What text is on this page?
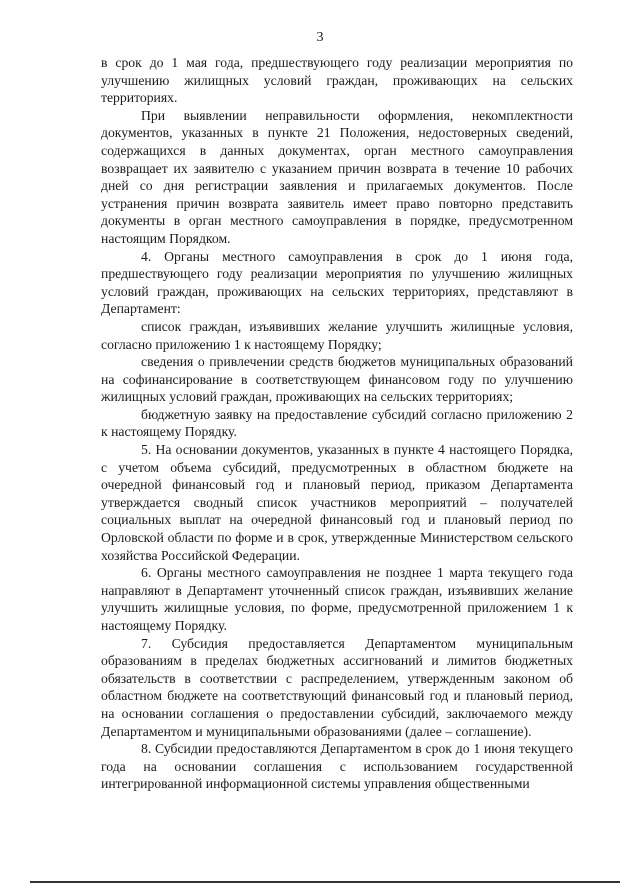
3

в срок до 1 мая года, предшествующего году реализации мероприятия по улучшению жилищных условий граждан, проживающих на сельских территориях.

При выявлении неправильности оформления, некомплектности документов, указанных в пункте 21 Положения, недостоверных сведений, содержащихся в данных документах, орган местного самоуправления возвращает их заявителю с указанием причин возврата в течение 10 рабочих дней со дня регистрации заявления и прилагаемых документов. После устранения причин возврата заявитель имеет право повторно представить документы в орган местного самоуправления в порядке, предусмотренном настоящим Порядком.

4. Органы местного самоуправления в срок до 1 июня года, предшествующего году реализации мероприятия по улучшению жилищных условий граждан, проживающих на сельских территориях, представляют в Департамент:

список граждан, изъявивших желание улучшить жилищные условия, согласно приложению 1 к настоящему Порядку;

сведения о привлечении средств бюджетов муниципальных образований на софинансирование в соответствующем финансовом году по улучшению жилищных условий граждан, проживающих на сельских территориях;

бюджетную заявку на предоставление субсидий согласно приложению 2 к настоящему Порядку.

5. На основании документов, указанных в пункте 4 настоящего Порядка, с учетом объема субсидий, предусмотренных в областном бюджете на очередной финансовый год и плановый период, приказом Департамента утверждается сводный список участников мероприятий – получателей социальных выплат на очередной финансовый год и плановый период по Орловской области по форме и в срок, утвержденные Министерством сельского хозяйства Российской Федерации.

6. Органы местного самоуправления не позднее 1 марта текущего года направляют в Департамент уточненный список граждан, изъявивших желание улучшить жилищные условия, по форме, предусмотренной приложением 1 к настоящему Порядку.

7. Субсидия предоставляется Департаментом муниципальным образованиям в пределах бюджетных ассигнований и лимитов бюджетных обязательств в соответствии с распределением, утвержденным законом об областном бюджете на соответствующий финансовый год и плановый период, на основании соглашения о предоставлении субсидий, заключаемого между Департаментом и муниципальными образованиями (далее – соглашение).

8. Субсидии предоставляются Департаментом в срок до 1 июня текущего года на основании соглашения с использованием государственной интегрированной информационной системы управления общественными
